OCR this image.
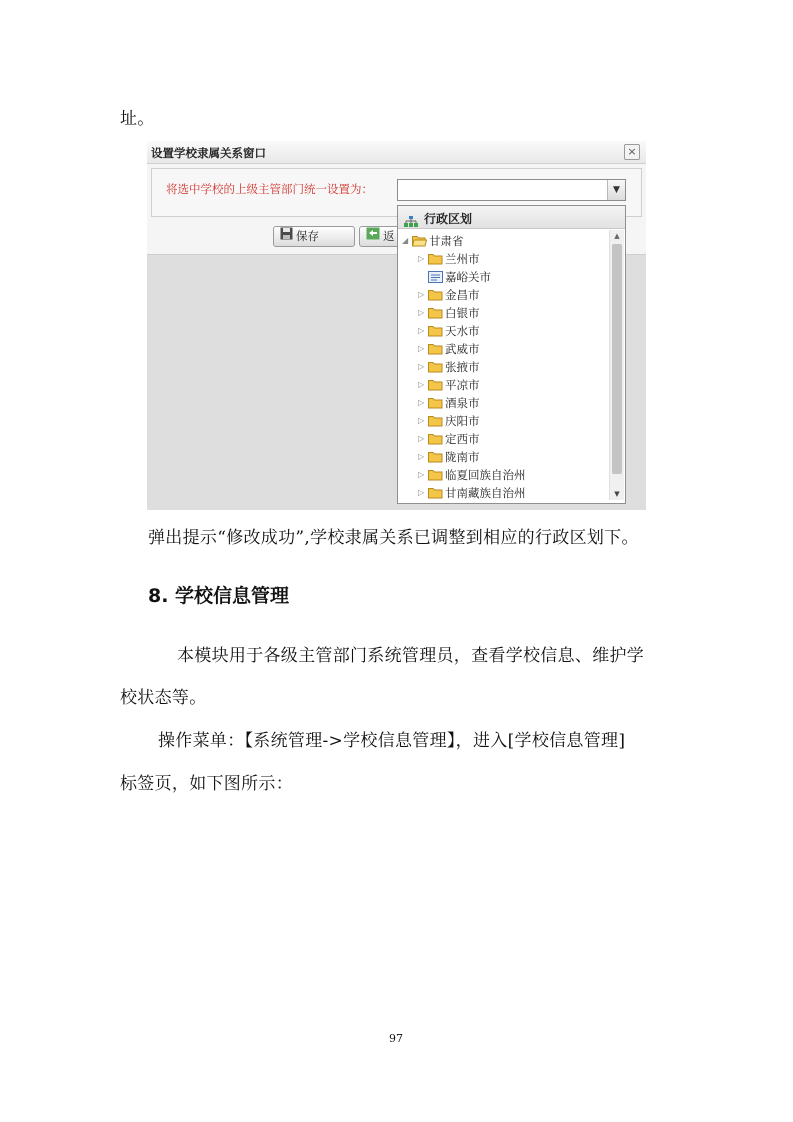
址。
设置学校隶属关系窗口	×
将选中学校的上级主管部门统一设置为：	▼
保存	返
行政区划
◢ 甘肃省
▷ 兰州市
嘉峪关市
▷ 金昌市
▷ 白银市
▷ 天水市
▷ 武威市
▷ 张掖市
▷ 平凉市
▷ 酒泉市
▷ 庆阳市
▷ 定西市
▷ 陇南市
▷ 临夏回族自治州
▷ 甘南藏族自治州
▲
▼
弹出提示“修改成功”,学校隶属关系已调整到相应的行政区划下。
8. 学校信息管理
本模块用于各级主管部门系统管理员，查看学校信息、维护学
校状态等。
操作菜单：【系统管理->学校信息管理】，进入[学校信息管理]
标签页，如下图所示：
97
